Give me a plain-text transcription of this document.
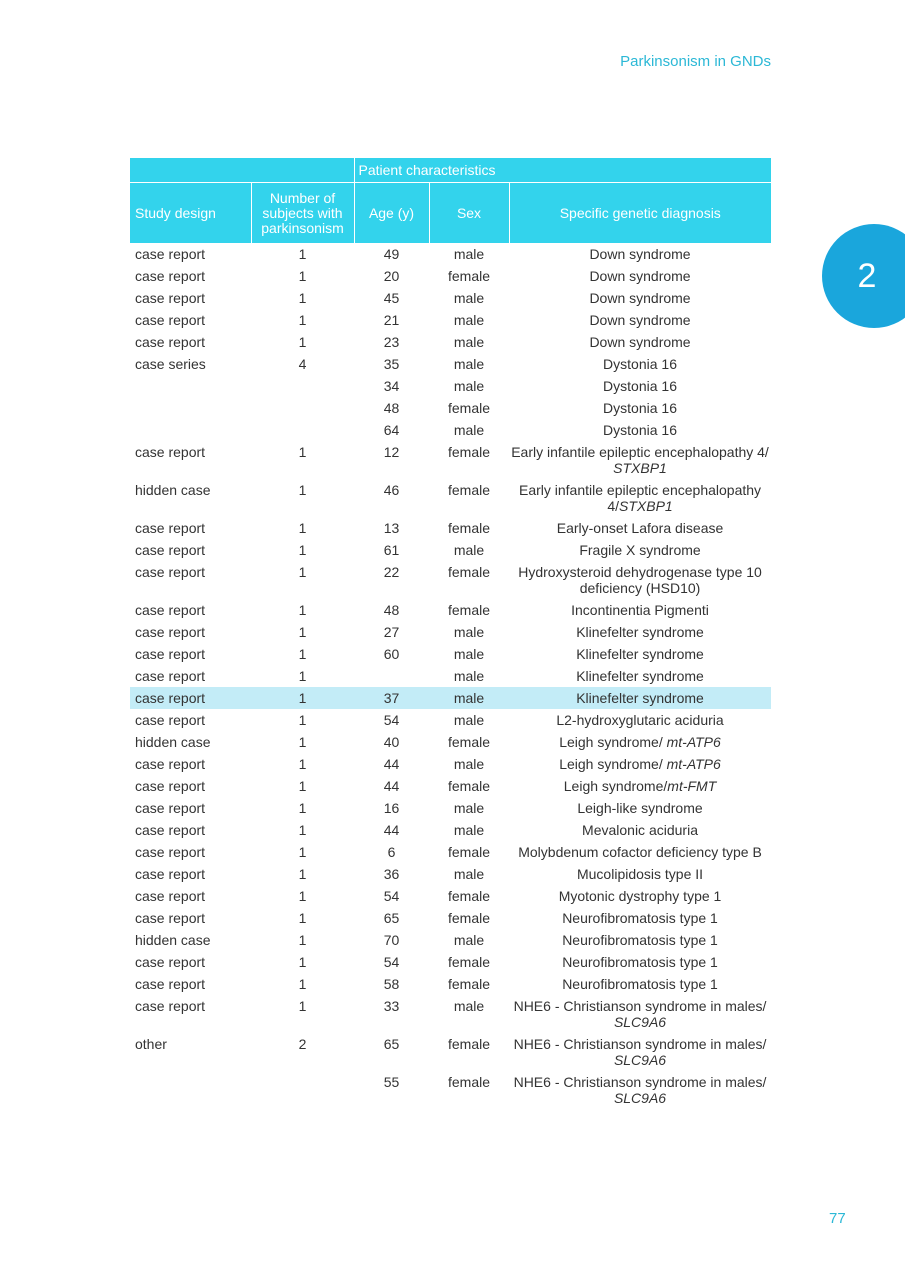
Parkinsonism in GNDs
2
		Patient characteristics		
Study design	Number of subjects with parkinsonism	Age (y)	Sex	Specific genetic diagnosis
case report	1	49	male	Down syndrome
case report	1	20	female	Down syndrome
case report	1	45	male	Down syndrome
case report	1	21	male	Down syndrome
case report	1	23	male	Down syndrome
case series	4	35	male	Dystonia 16
		34	male	Dystonia 16
		48	female	Dystonia 16
		64	male	Dystonia 16
case report	1	12	female	Early infantile epileptic encephalopathy 4/ STXBP1
hidden case	1	46	female	Early infantile epileptic encephalopathy 4/STXBP1
case report	1	13	female	Early-onset Lafora disease
case report	1	61	male	Fragile X syndrome
case report	1	22	female	Hydroxysteroid dehydrogenase type 10 deficiency (HSD10)
case report	1	48	female	Incontinentia Pigmenti
case report	1	27	male	Klinefelter syndrome
case report	1	60	male	Klinefelter syndrome
case report	1		male	Klinefelter syndrome
case report	1	37	male	Klinefelter syndrome
case report	1	54	male	L2-hydroxyglutaric aciduria
hidden case	1	40	female	Leigh syndrome/ mt-ATP6
case report	1	44	male	Leigh syndrome/ mt-ATP6
case report	1	44	female	Leigh syndrome/mt-FMT
case report	1	16	male	Leigh-like syndrome
case report	1	44	male	Mevalonic aciduria
case report	1	6	female	Molybdenum cofactor deficiency type B
case report	1	36	male	Mucolipidosis type II
case report	1	54	female	Myotonic dystrophy type 1
case report	1	65	female	Neurofibromatosis type 1
hidden case	1	70	male	Neurofibromatosis type 1
case report	1	54	female	Neurofibromatosis type 1
case report	1	58	female	Neurofibromatosis type 1
case report	1	33	male	NHE6 - Christianson syndrome in males/ SLC9A6
other	2	65	female	NHE6 - Christianson syndrome in males/ SLC9A6
		55	female	NHE6 - Christianson syndrome in males/ SLC9A6
77
